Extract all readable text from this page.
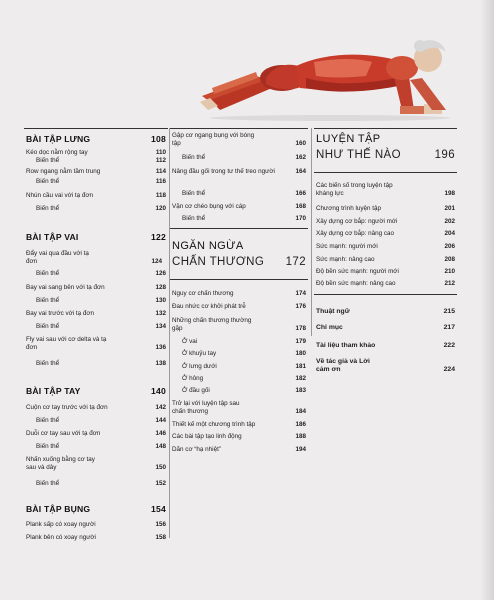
BÀI TẬP LƯNG	108
Kéo dọc nằm rộng tay	110
Biến thể	112
Row ngang nằm tầm trung	114
Biến thể	116
Nhún cầu vai với tạ đơn	118
Biến thể	120
BÀI TẬP VAI	122
Đẩy vai qua đầu với tạ đơn	124
Biến thể	126
Bay vai sang bên với tạ đơn	128
Biến thể	130
Bay vai trước với tạ đơn	132
Biến thể	134
Fly vai sau với cơ delta và tạ đơn	136
Biến thể	138
BÀI TẬP TAY	140
Cuộn cơ tay trước với tạ đơn	142
Biến thể	144
Duỗi cơ tay sau với tạ đơn	146
Biến thể	148
Nhấn xuống bằng cơ tay sau và dây	150
Biến thể	152
BÀI TẬP BỤNG	154
Plank sấp có xoay người	156
Plank bên có xoay người	158
Gập cơ ngang bụng với bóng tập	160
Biến thể	162
Nâng đầu gối trong tư thế treo người	164
Biến thể	166
Vặn cơ chéo bụng với cáp	168
Biến thể	170
NGĂN NGỪA
CHẤN THƯƠNG 172
Nguy cơ chấn thương	174
Đau nhức cơ khởi phát trễ	176
Những chấn thương thường gặp	178
Ở vai	179
Ở khuỷu tay	180
Ở lưng dưới	181
Ở hông	182
Ở đầu gối	183
Trở lại với luyện tập sau chấn thương	184
Thiết kế một chương trình tập	186
Các bài tập tạo linh động	188
Dãn cơ “hạ nhiệt”	194
LUYỆN TẬP
NHƯ THẾ NÀO	196
Các biến số trong luyện tập kháng lực	198
Chương trình luyện tập	201
Xây dựng cơ bắp: người mới	202
Xây dựng cơ bắp: nâng cao	204
Sức mạnh: người mới	206
Sức mạnh: nâng cao	208
Độ bền sức mạnh: người mới	210
Độ bền sức mạnh: nâng cao	212
Thuật ngữ	215
Chỉ mục	217
Tài liệu tham khảo	222
Về tác giả và Lời cảm ơn	224
